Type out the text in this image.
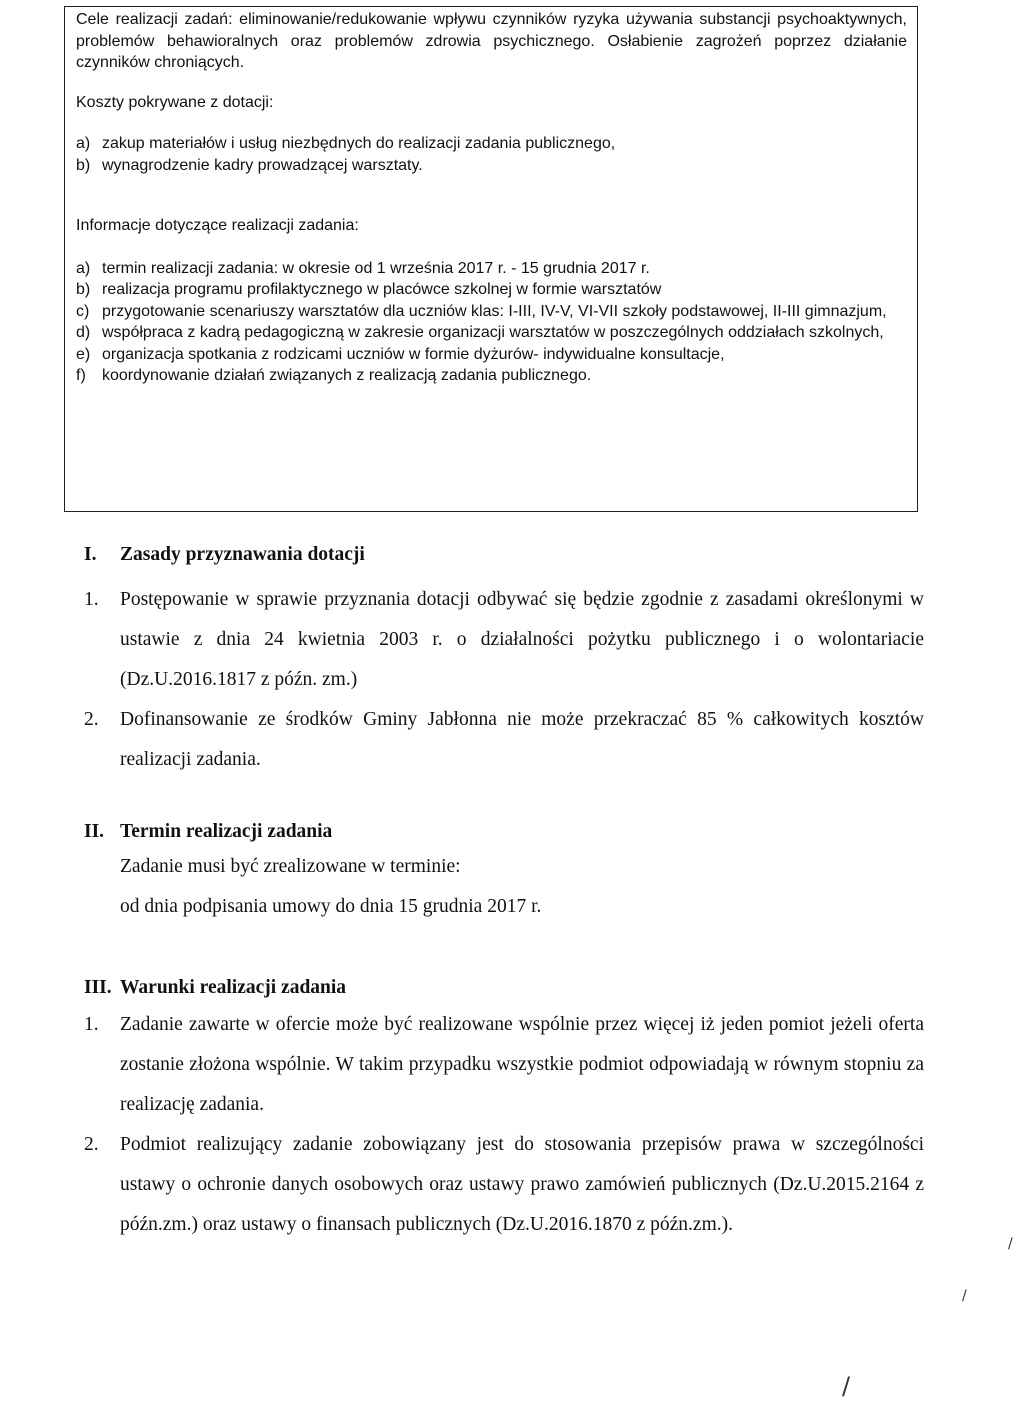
Cele realizacji zadań: eliminowanie/redukowanie wpływu czynników ryzyka używania substancji psychoaktywnych, problemów behawioralnych oraz problemów zdrowia psychicznego. Osłabienie zagrożeń poprzez działanie czynników chroniących.

Koszty pokrywane z dotacji:

a) zakup materiałów i usług niezbędnych do realizacji zadania publicznego,
b) wynagrodzenie kadry prowadzącej warsztaty.

Informacje dotyczące realizacji zadania:

a) termin realizacji zadania: w okresie od 1 września 2017 r. - 15 grudnia 2017 r.
b) realizacja programu profilaktycznego w placówce szkolnej w formie warsztatów
c) przygotowanie scenariuszy warsztatów dla uczniów klas: I-III, IV-V, VI-VII szkoły podstawowej, II-III gimnazjum,
d) współpraca z kadrą pedagogiczną w zakresie organizacji warsztatów w poszczególnych oddziałach szkolnych,
e) organizacja spotkania z rodzicami uczniów w formie dyżurów- indywidualne konsultacje,
f)	koordynowanie działań związanych z realizacją zadania publicznego.
I.	Zasady przyznawania dotacji
1.	Postępowanie w sprawie przyznania dotacji odbywać się będzie zgodnie z zasadami określonymi w ustawie z dnia 24 kwietnia 2003 r. o działalności pożytku publicznego i o wolontariacie (Dz.U.2016.1817 z późn. zm.)
2.	Dofinansowanie ze środków Gminy Jabłonna nie może przekraczać 85 % całkowitych kosztów realizacji zadania.
II. Termin realizacji zadania
Zadanie musi być zrealizowane w terminie:
od dnia podpisania umowy do dnia 15 grudnia 2017 r.
III. Warunki realizacji zadania
1.	Zadanie zawarte w ofercie może być realizowane wspólnie przez więcej iż jeden pomiot jeżeli oferta zostanie złożona wspólnie. W takim przypadku wszystkie podmiot odpowiadają w równym stopniu za realizację zadania.
2.	Podmiot realizujący zadanie zobowiązany jest do stosowania przepisów prawa w szczególności ustawy o ochronie danych osobowych oraz ustawy prawo zamówień publicznych (Dz.U.2015.2164 z późn.zm.) oraz ustawy o finansach publicznych (Dz.U.2016.1870 z późn.zm.).
/
/
/
